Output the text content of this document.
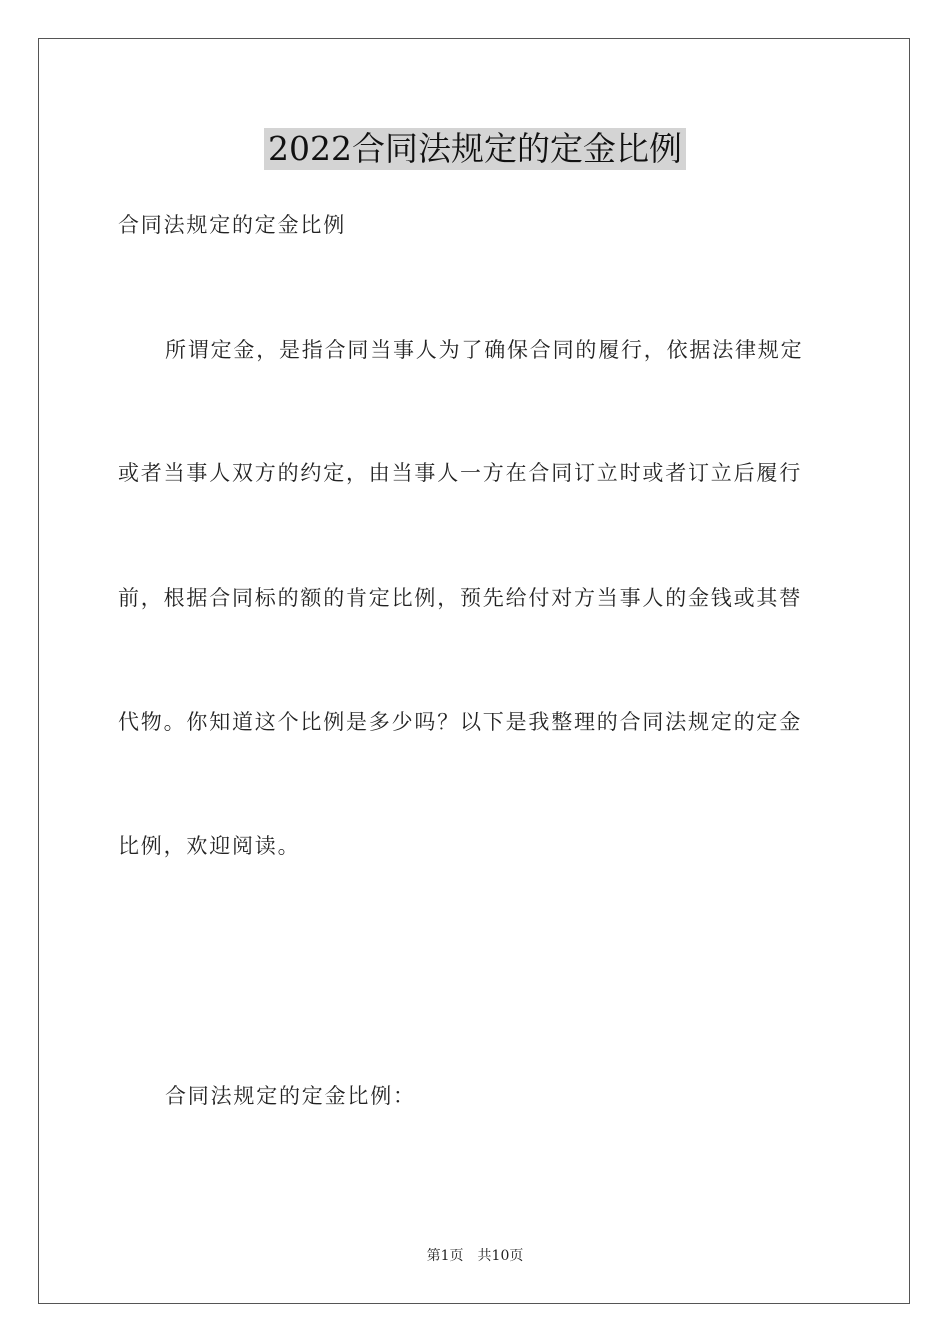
2022合同法规定的定金比例
合同法规定的定金比例
所谓定金，是指合同当事人为了确保合同的履行，依据法律规定
或者当事人双方的约定，由当事人一方在合同订立时或者订立后履行
前，根据合同标的额的肯定比例，预先给付对方当事人的金钱或其替
代物。你知道这个比例是多少吗？以下是我整理的合同法规定的定金
比例，欢迎阅读。
合同法规定的定金比例：
第1页　共10页
